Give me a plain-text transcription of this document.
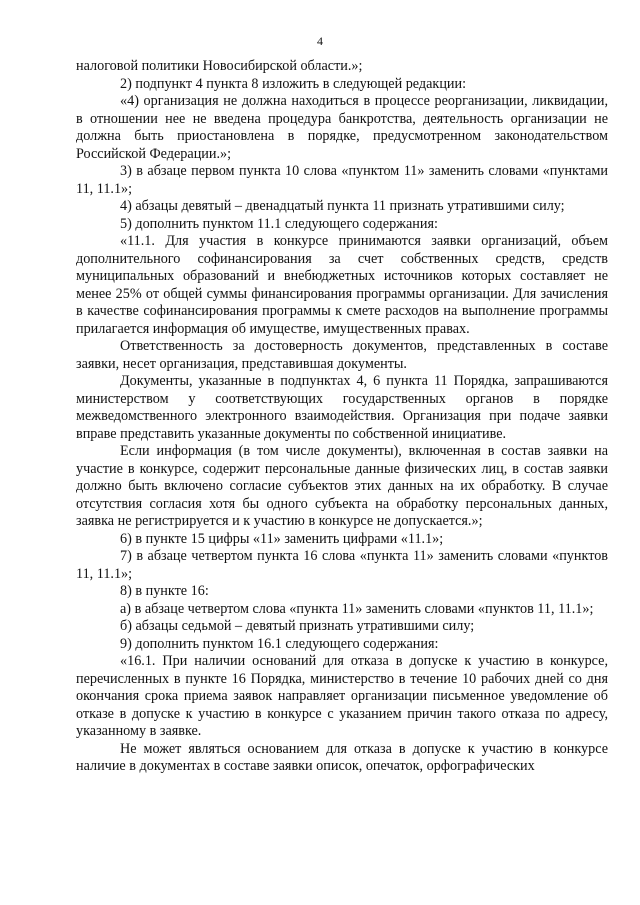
4

налоговой политики Новосибирской области.»;

2) подпункт 4 пункта 8 изложить в следующей редакции:

«4) организация не должна находиться в процессе реорганизации, ликвидации, в отношении нее не введена процедура банкротства, деятельность организации не должна быть приостановлена в порядке, предусмотренном законодательством Российской Федерации.»;

3) в абзаце первом пункта 10 слова «пунктом 11» заменить словами «пунктами 11, 11.1»;

4) абзацы девятый – двенадцатый пункта 11 признать утратившими силу;

5) дополнить пунктом 11.1 следующего содержания:

«11.1. Для участия в конкурсе принимаются заявки организаций, объем дополнительного софинансирования за счет собственных средств, средств муниципальных образований и внебюджетных источников которых составляет не менее 25% от общей суммы финансирования программы организации. Для зачисления в качестве софинансирования программы к смете расходов на выполнение программы прилагается информация об имуществе, имущественных правах.

Ответственность за достоверность документов, представленных в составе заявки, несет организация, представившая документы.

Документы, указанные в подпунктах 4, 6 пункта 11 Порядка, запрашиваются министерством у соответствующих государственных органов в порядке межведомственного электронного взаимодействия. Организация при подаче заявки вправе представить указанные документы по собственной инициативе.

Если информация (в том числе документы), включенная в состав заявки на участие в конкурсе, содержит персональные данные физических лиц, в состав заявки должно быть включено согласие субъектов этих данных на их обработку. В случае отсутствия согласия хотя бы одного субъекта на обработку персональных данных, заявка не регистрируется и к участию в конкурсе не допускается.»;

6) в пункте 15 цифры «11» заменить цифрами «11.1»;

7) в абзаце четвертом пункта 16 слова «пункта 11» заменить словами «пунктов 11, 11.1»;

8) в пункте 16:

а) в абзаце четвертом слова «пункта 11» заменить словами «пунктов 11, 11.1»;

б) абзацы седьмой – девятый признать утратившими силу;

9) дополнить пунктом 16.1 следующего содержания:

«16.1. При наличии оснований для отказа в допуске к участию в конкурсе, перечисленных в пункте 16 Порядка, министерство в течение 10 рабочих дней со дня окончания срока приема заявок направляет организации письменное уведомление об отказе в допуске к участию в конкурсе с указанием причин такого отказа по адресу, указанному в заявке.

Не может являться основанием для отказа в допуске к участию в конкурсе наличие в документах в составе заявки описок, опечаток, орфографических
